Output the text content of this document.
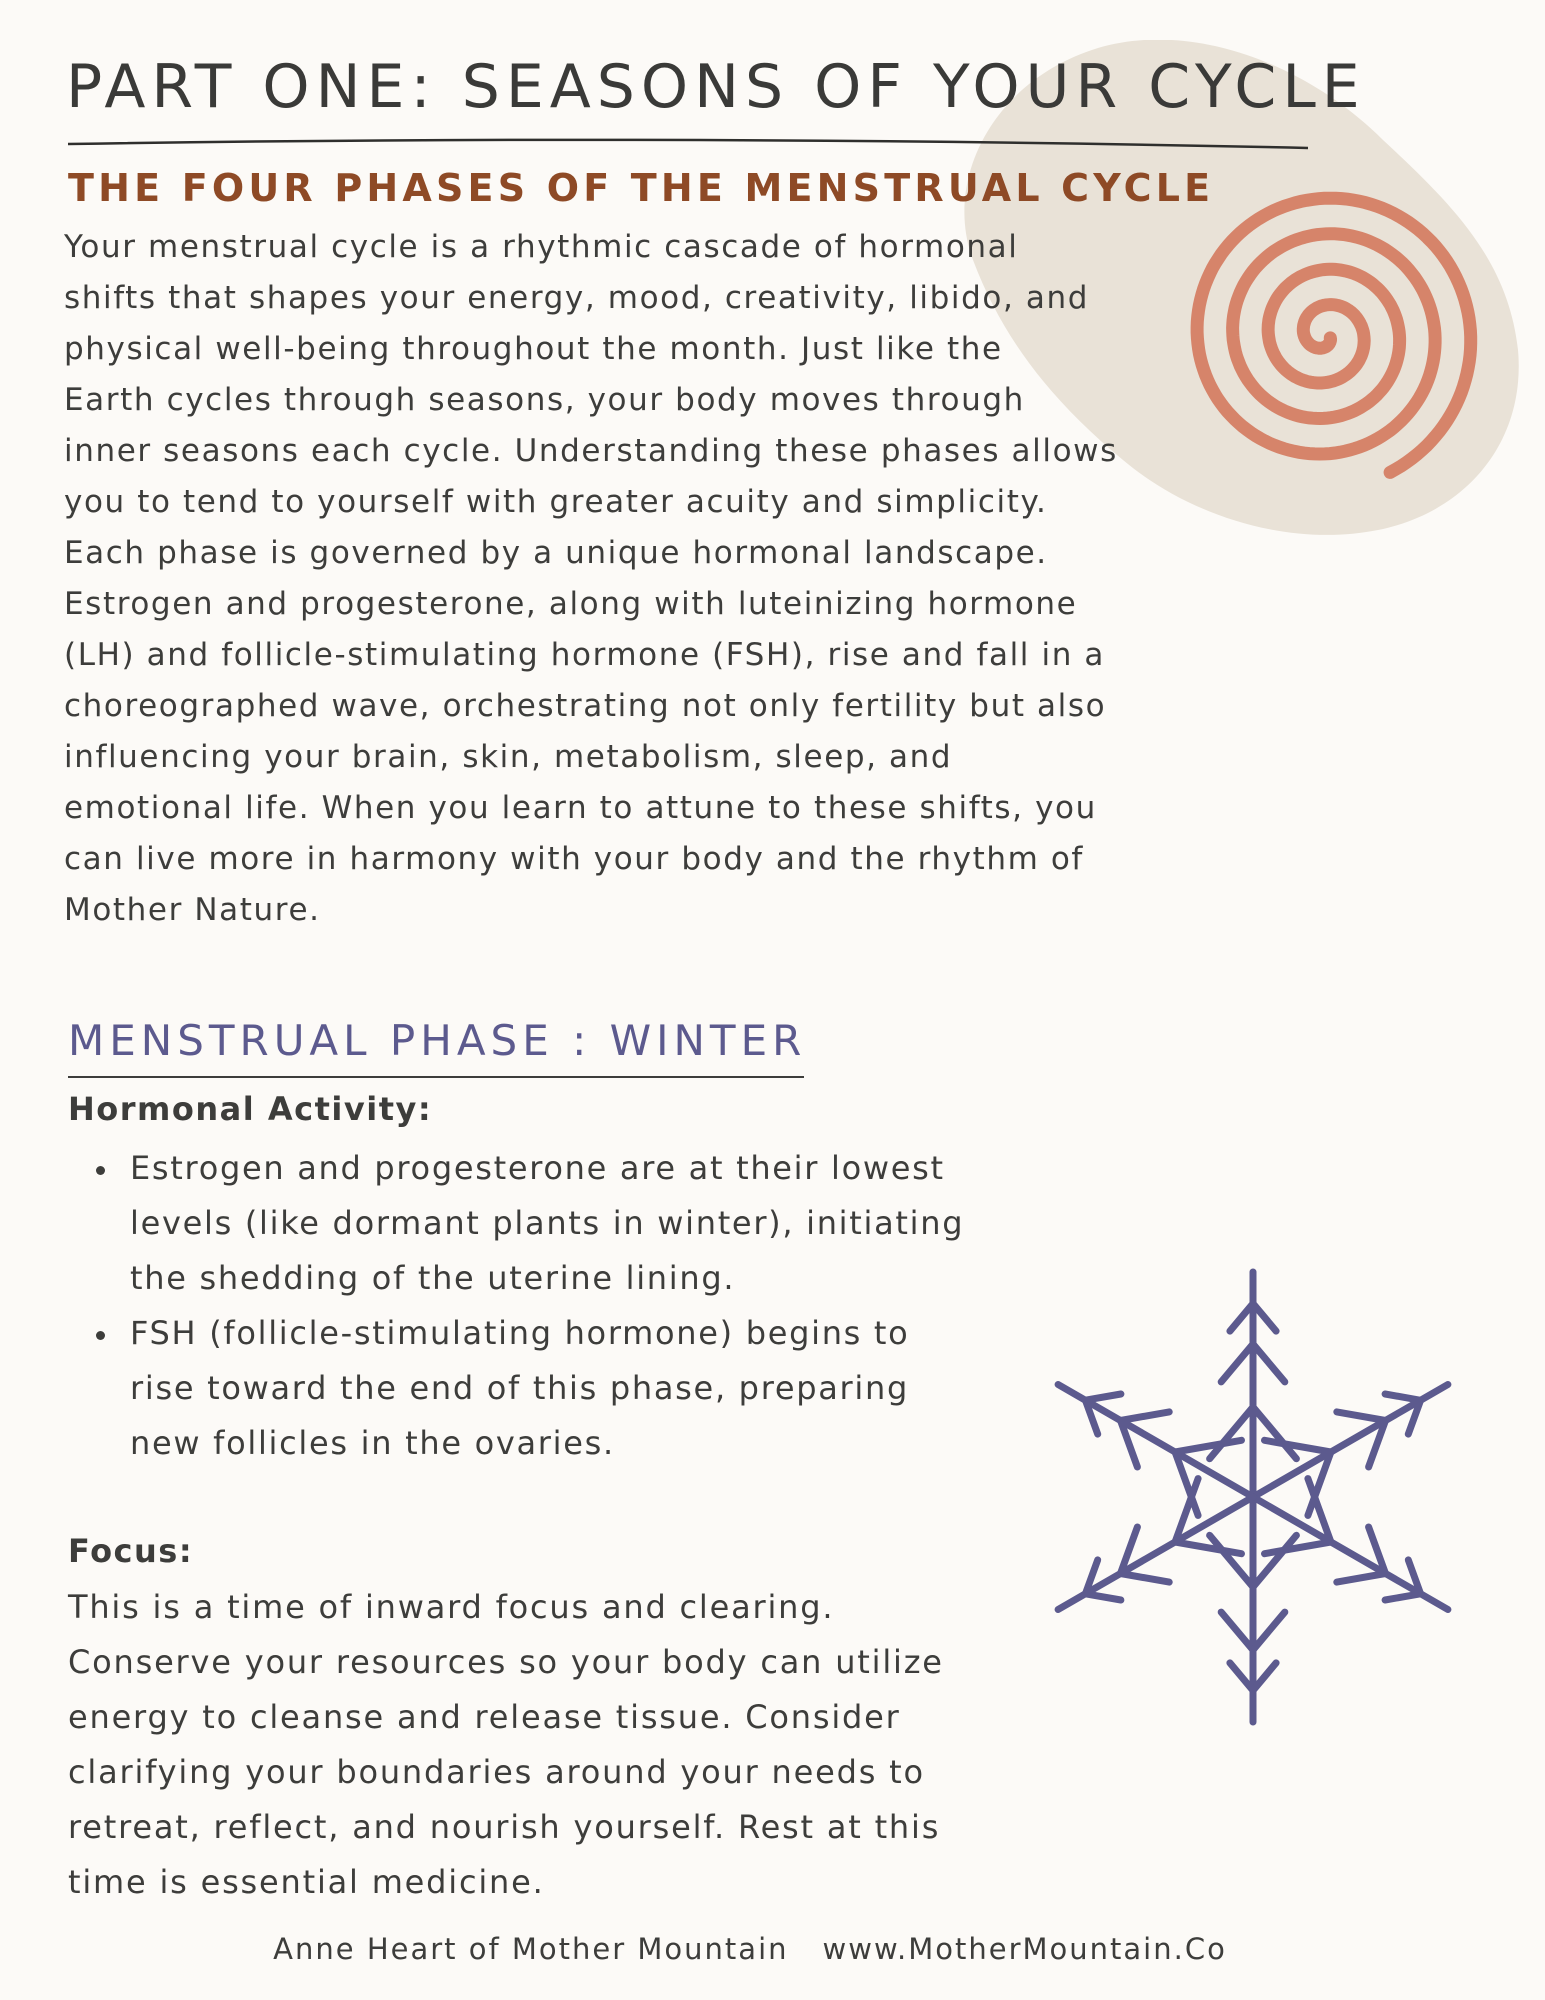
PART ONE: SEASONS OF YOUR CYCLE
THE FOUR PHASES OF THE MENSTRUAL CYCLE

Your menstrual cycle is a rhythmic cascade of hormonal
shifts that shapes your energy, mood, creativity, libido, and
physical well-being throughout the month. Just like the
Earth cycles through seasons, your body moves through
inner seasons each cycle. Understanding these phases allows
you to tend to yourself with greater acuity and simplicity.
Each phase is governed by a unique hormonal landscape.
Estrogen and progesterone, along with luteinizing hormone
(LH) and follicle-stimulating hormone (FSH), rise and fall in a
choreographed wave, orchestrating not only fertility but also
influencing your brain, skin, metabolism, sleep, and
emotional life. When you learn to attune to these shifts, you
can live more in harmony with your body and the rhythm of
Mother Nature.

MENSTRUAL PHASE : WINTER
Hormonal Activity:
Estrogen and progesterone are at their lowest
levels (like dormant plants in winter), initiating
the shedding of the uterine lining.
FSH (follicle-stimulating hormone) begins to
rise toward the end of this phase, preparing
new follicles in the ovaries.
Focus:

This is a time of inward focus and clearing.
Conserve your resources so your body can utilize
energy to cleanse and release tissue. Consider
clarifying your boundaries around your needs to
retreat, reflect, and nourish yourself. Rest at this
time is essential medicine.

Anne Heart of Mother Mountain www.MotherMountain.Co
